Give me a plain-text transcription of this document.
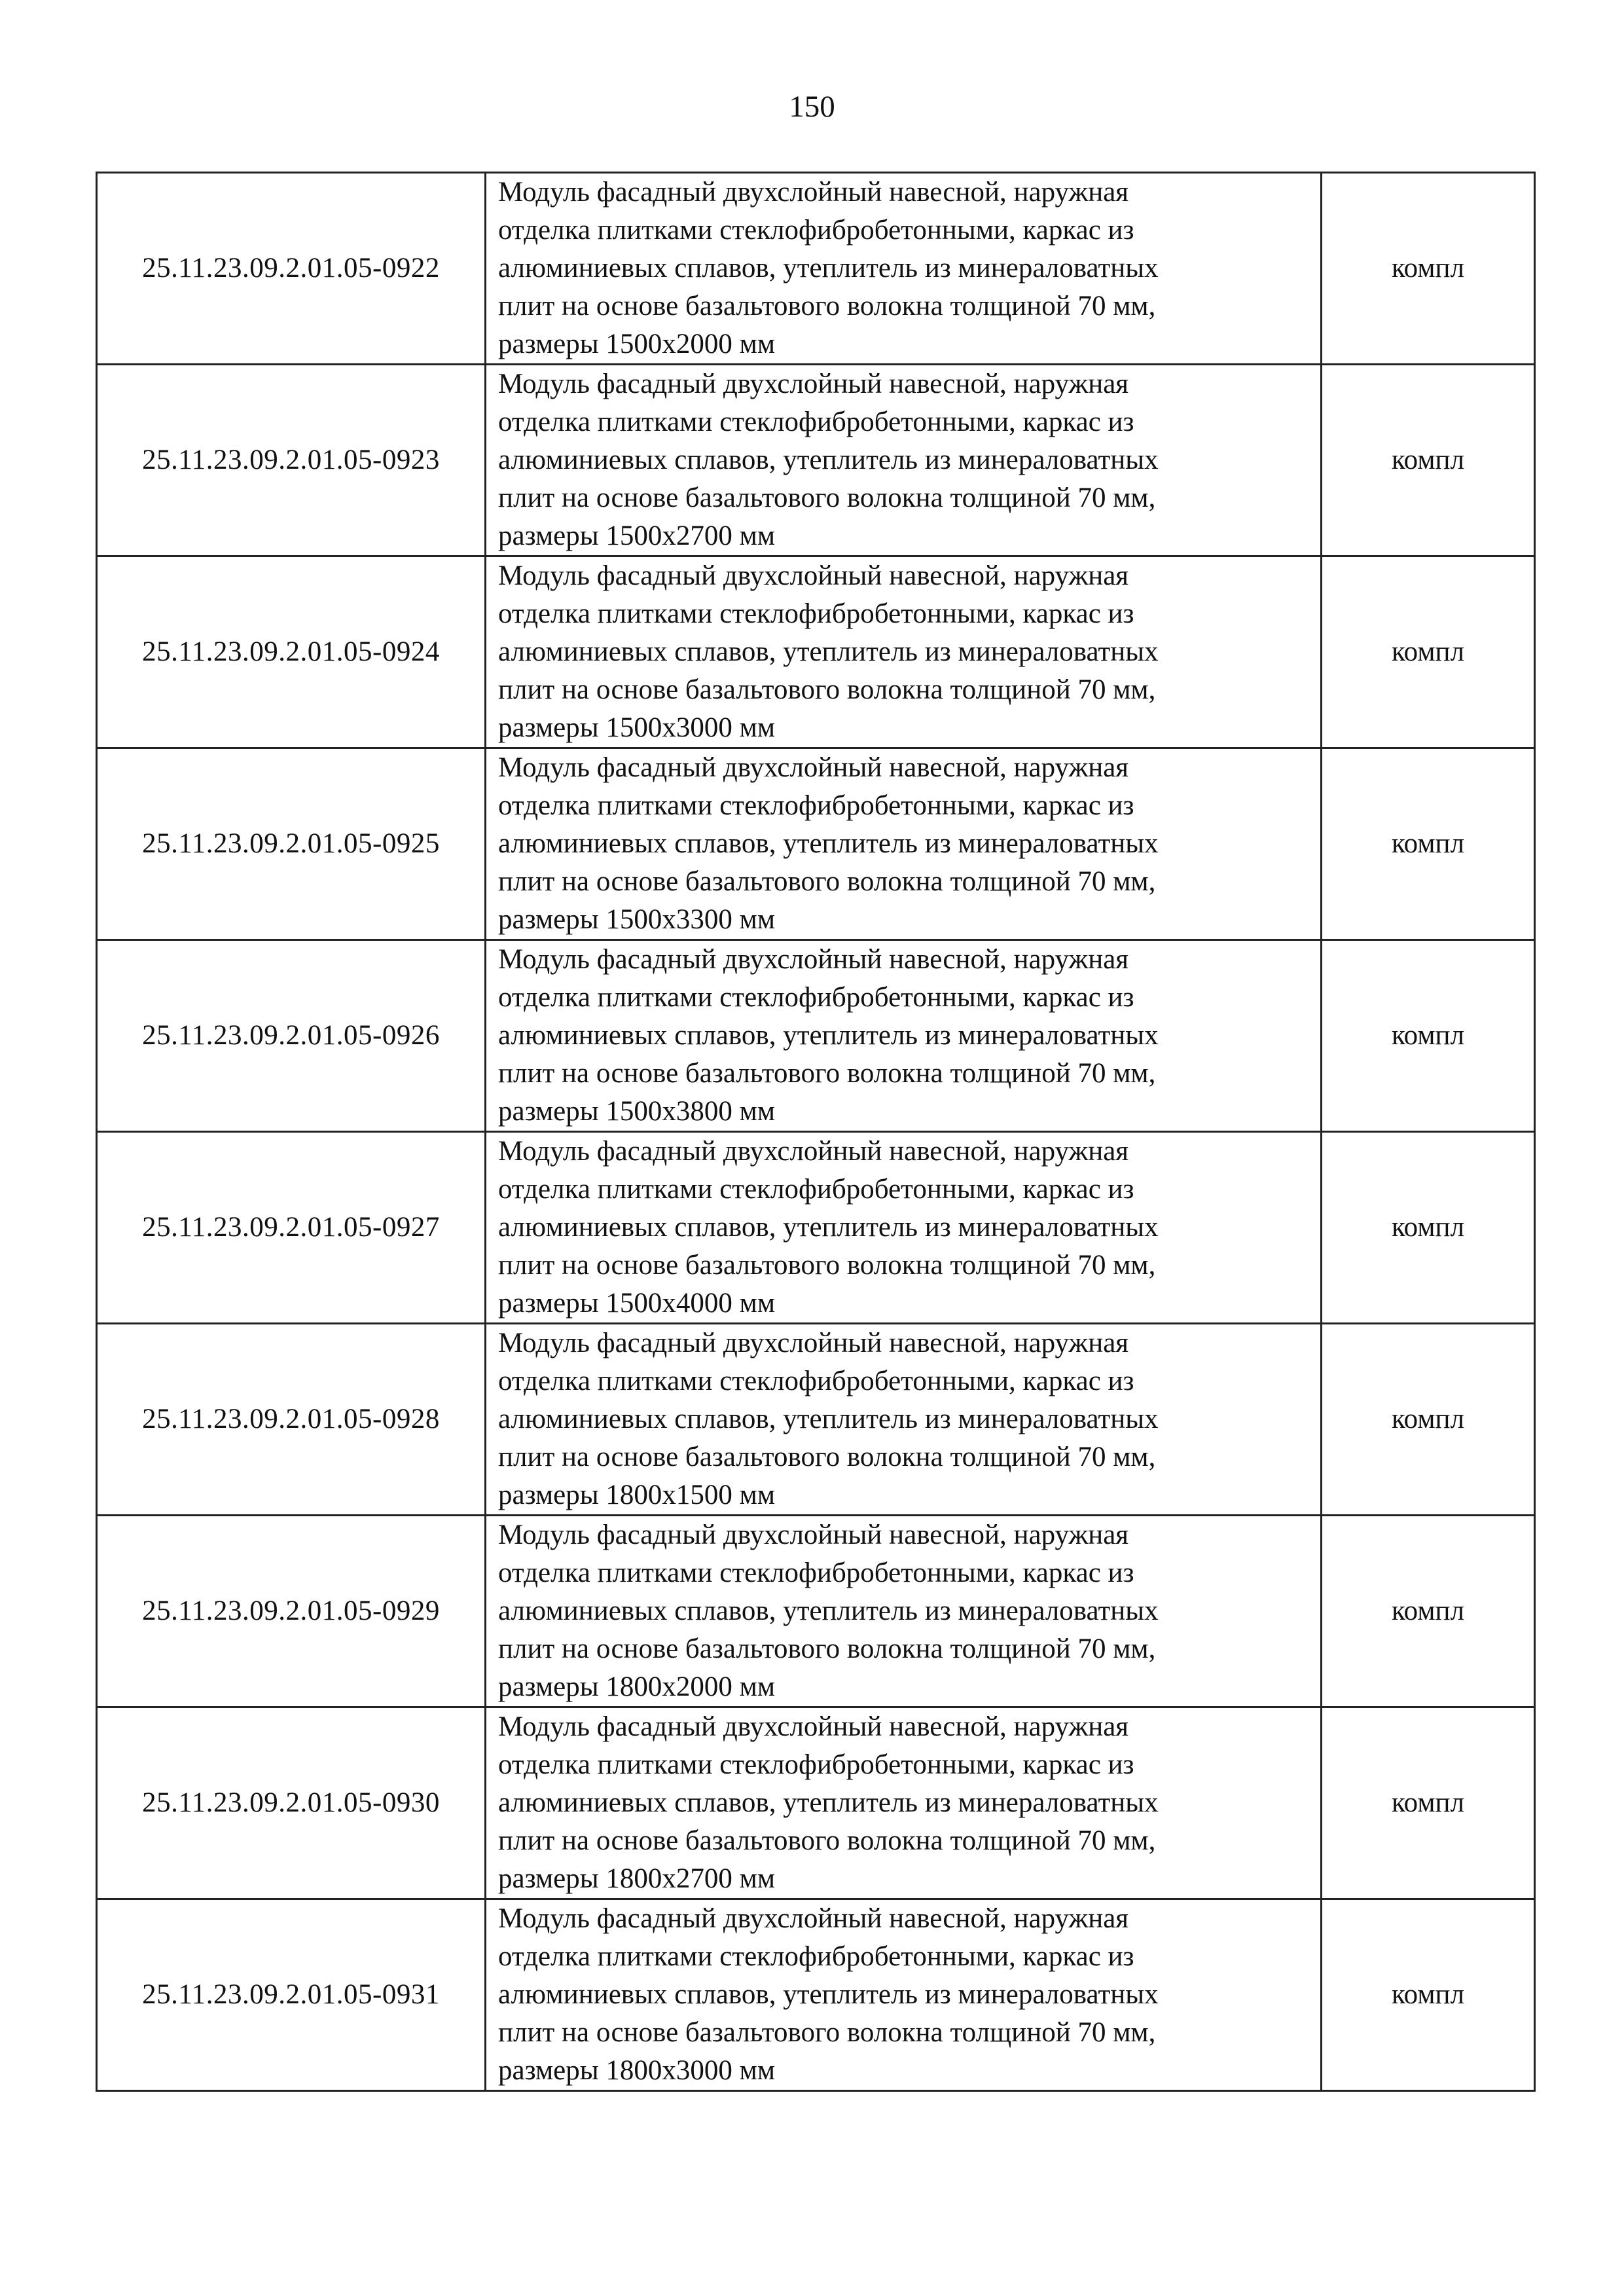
150
25.11.23.09.2.01.05-0922	Модуль фасадный двухслойный навесной, наружная
отделка плитками стеклофибробетонными, каркас из
алюминиевых сплавов, утеплитель из минераловатных
плит на основе базальтового волокна толщиной 70 мм,
размеры 1500x2000 мм	компл
25.11.23.09.2.01.05-0923	Модуль фасадный двухслойный навесной, наружная
отделка плитками стеклофибробетонными, каркас из
алюминиевых сплавов, утеплитель из минераловатных
плит на основе базальтового волокна толщиной 70 мм,
размеры 1500x2700 мм	компл
25.11.23.09.2.01.05-0924	Модуль фасадный двухслойный навесной, наружная
отделка плитками стеклофибробетонными, каркас из
алюминиевых сплавов, утеплитель из минераловатных
плит на основе базальтового волокна толщиной 70 мм,
размеры 1500x3000 мм	компл
25.11.23.09.2.01.05-0925	Модуль фасадный двухслойный навесной, наружная
отделка плитками стеклофибробетонными, каркас из
алюминиевых сплавов, утеплитель из минераловатных
плит на основе базальтового волокна толщиной 70 мм,
размеры 1500x3300 мм	компл
25.11.23.09.2.01.05-0926	Модуль фасадный двухслойный навесной, наружная
отделка плитками стеклофибробетонными, каркас из
алюминиевых сплавов, утеплитель из минераловатных
плит на основе базальтового волокна толщиной 70 мм,
размеры 1500x3800 мм	компл
25.11.23.09.2.01.05-0927	Модуль фасадный двухслойный навесной, наружная
отделка плитками стеклофибробетонными, каркас из
алюминиевых сплавов, утеплитель из минераловатных
плит на основе базальтового волокна толщиной 70 мм,
размеры 1500x4000 мм	компл
25.11.23.09.2.01.05-0928	Модуль фасадный двухслойный навесной, наружная
отделка плитками стеклофибробетонными, каркас из
алюминиевых сплавов, утеплитель из минераловатных
плит на основе базальтового волокна толщиной 70 мм,
размеры 1800x1500 мм	компл
25.11.23.09.2.01.05-0929	Модуль фасадный двухслойный навесной, наружная
отделка плитками стеклофибробетонными, каркас из
алюминиевых сплавов, утеплитель из минераловатных
плит на основе базальтового волокна толщиной 70 мм,
размеры 1800x2000 мм	компл
25.11.23.09.2.01.05-0930	Модуль фасадный двухслойный навесной, наружная
отделка плитками стеклофибробетонными, каркас из
алюминиевых сплавов, утеплитель из минераловатных
плит на основе базальтового волокна толщиной 70 мм,
размеры 1800x2700 мм	компл
25.11.23.09.2.01.05-0931	Модуль фасадный двухслойный навесной, наружная
отделка плитками стеклофибробетонными, каркас из
алюминиевых сплавов, утеплитель из минераловатных
плит на основе базальтового волокна толщиной 70 мм,
размеры 1800x3000 мм	компл
